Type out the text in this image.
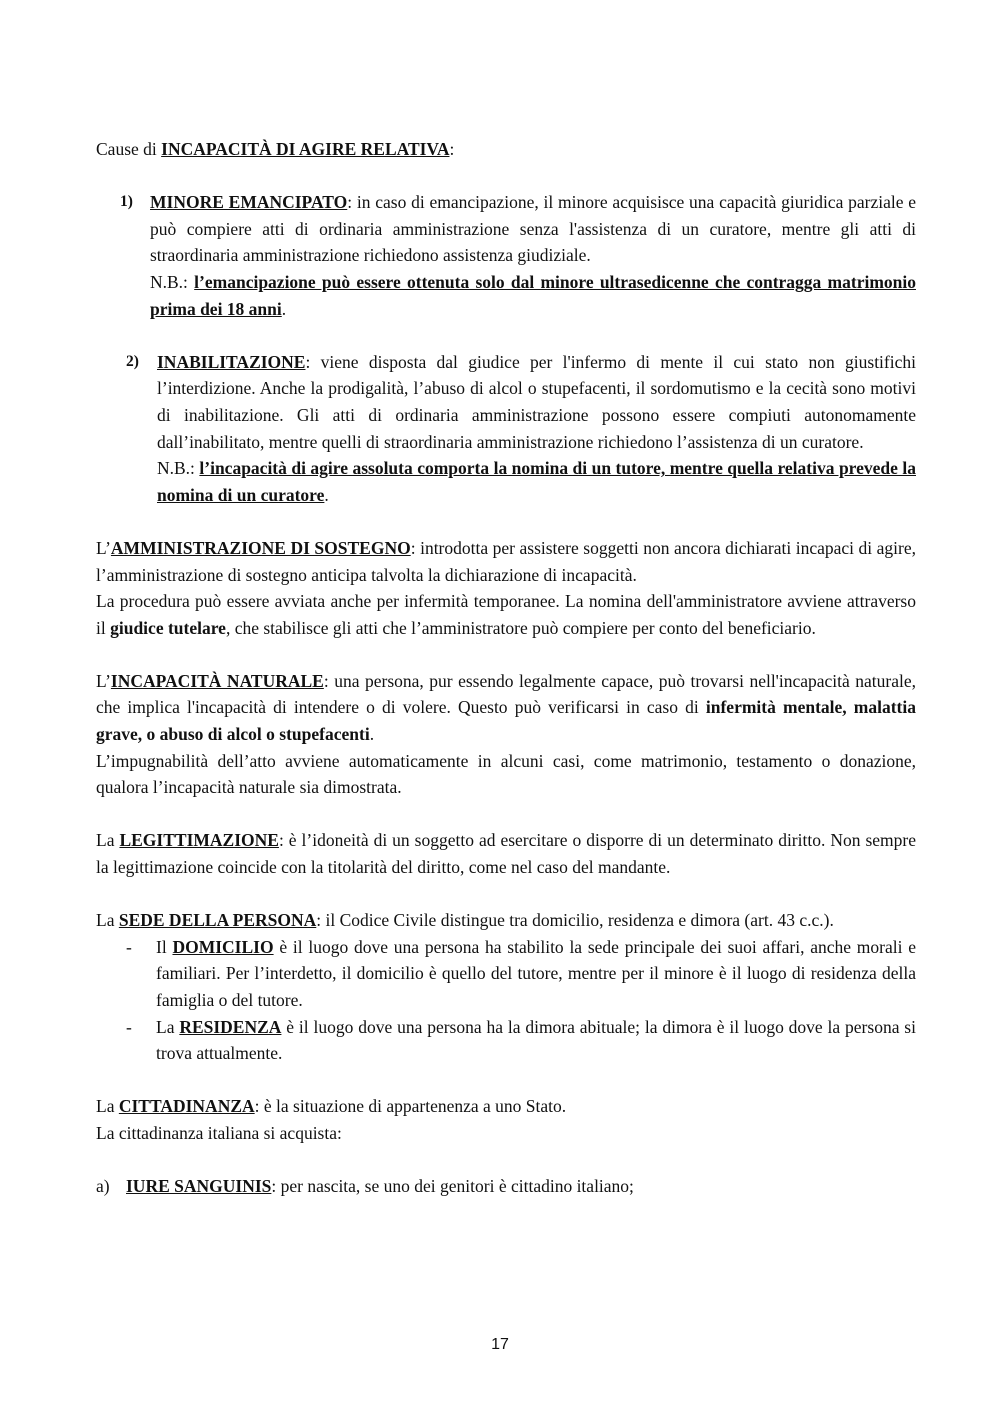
Cause di INCAPACITÀ DI AGIRE RELATIVA:

1) MINORE EMANCIPATO: in caso di emancipazione, il minore acquisisce una capacità giuridica parziale e può compiere atti di ordinaria amministrazione senza l'assistenza di un curatore, mentre gli atti di straordinaria amministrazione richiedono assistenza giudiziale.

N.B.: l’emancipazione può essere ottenuta solo dal minore ultrasedicenne che contragga matrimonio prima dei 18 anni.

2) INABILITAZIONE: viene disposta dal giudice per l'infermo di mente il cui stato non giustifichi l’interdizione. Anche la prodigalità, l’abuso di alcol o stupefacenti, il sordomutismo e la cecità sono motivi di inabilitazione. Gli atti di ordinaria amministrazione possono essere compiuti autonomamente dall’inabilitato, mentre quelli di straordinaria amministrazione richiedono l’assistenza di un curatore.

N.B.: l’incapacità di agire assoluta comporta la nomina di un tutore, mentre quella relativa prevede la nomina di un curatore.

L’AMMINISTRAZIONE DI SOSTEGNO: introdotta per assistere soggetti non ancora dichiarati incapaci di agire, l’amministrazione di sostegno anticipa talvolta la dichiarazione di incapacità.

La procedura può essere avviata anche per infermità temporanee. La nomina dell'amministratore avviene attraverso il giudice tutelare, che stabilisce gli atti che l’amministratore può compiere per conto del beneficiario.

L’INCAPACITÀ NATURALE: una persona, pur essendo legalmente capace, può trovarsi nell'incapacità naturale, che implica l'incapacità di intendere o di volere. Questo può verificarsi in caso di infermità mentale, malattia grave, o abuso di alcol o stupefacenti.

L’impugnabilità dell’atto avviene automaticamente in alcuni casi, come matrimonio, testamento o donazione, qualora l’incapacità naturale sia dimostrata.

La LEGITTIMAZIONE: è l’idoneità di un soggetto ad esercitare o disporre di un determinato diritto. Non sempre la legittimazione coincide con la titolarità del diritto, come nel caso del mandante.

La SEDE DELLA PERSONA: il Codice Civile distingue tra domicilio, residenza e dimora (art. 43 c.c.).

- Il DOMICILIO è il luogo dove una persona ha stabilito la sede principale dei suoi affari, anche morali e familiari. Per l’interdetto, il domicilio è quello del tutore, mentre per il minore è il luogo di residenza della famiglia o del tutore.

- La RESIDENZA è il luogo dove una persona ha la dimora abituale; la dimora è il luogo dove la persona si trova attualmente.

La CITTADINANZA: è la situazione di appartenenza a uno Stato.

La cittadinanza italiana si acquista:

a) IURE SANGUINIS: per nascita, se uno dei genitori è cittadino italiano;

17
